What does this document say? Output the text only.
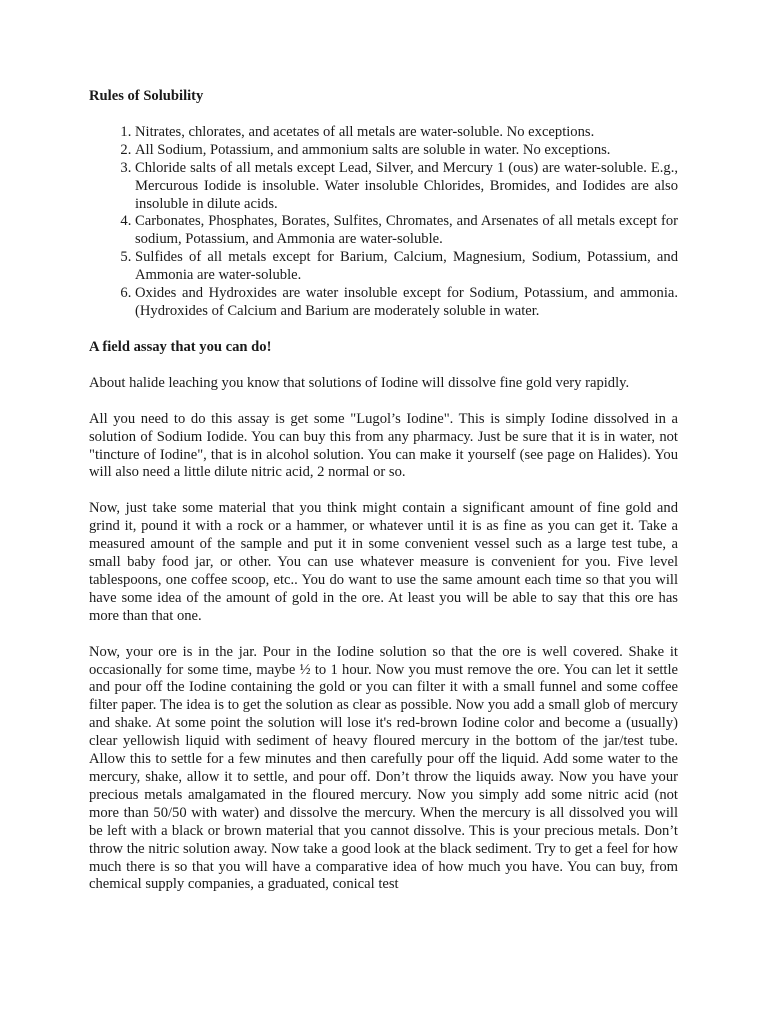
Rules of Solubility
1. Nitrates, chlorates, and acetates of all metals are water-soluble. No exceptions.
2. All Sodium, Potassium, and ammonium salts are soluble in water. No exceptions.
3. Chloride salts of all metals except Lead, Silver, and Mercury 1 (ous) are water-soluble. E.g., Mercurous Iodide is insoluble. Water insoluble Chlorides, Bromides, and Iodides are also insoluble in dilute acids.
4. Carbonates, Phosphates, Borates, Sulfites, Chromates, and Arsenates of all metals except for sodium, Potassium, and Ammonia are water-soluble.
5. Sulfides of all metals except for Barium, Calcium, Magnesium, Sodium, Potassium, and Ammonia are water-soluble.
6. Oxides and Hydroxides are water insoluble except for Sodium, Potassium, and ammonia. (Hydroxides of Calcium and Barium are moderately soluble in water.
A field assay that you can do!

About halide leaching you know that solutions of Iodine will dissolve fine gold very rapidly.

All you need to do this assay is get some "Lugol’s Iodine". This is simply Iodine dissolved in a solution of Sodium Iodide. You can buy this from any pharmacy. Just be sure that it is in water, not "tincture of Iodine", that is in alcohol solution. You can make it yourself (see page on Halides). You will also need a little dilute nitric acid, 2 normal or so.

Now, just take some material that you think might contain a significant amount of fine gold and grind it, pound it with a rock or a hammer, or whatever until it is as fine as you can get it. Take a measured amount of the sample and put it in some convenient vessel such as a large test tube, a small baby food jar, or other. You can use whatever measure is convenient for you. Five level tablespoons, one coffee scoop, etc.. You do want to use the same amount each time so that you will have some idea of the amount of gold in the ore. At least you will be able to say that this ore has more than that one.

Now, your ore is in the jar. Pour in the Iodine solution so that the ore is well covered. Shake it occasionally for some time, maybe ½ to 1 hour. Now you must remove the ore. You can let it settle and pour off the Iodine containing the gold or you can filter it with a small funnel and some coffee filter paper. The idea is to get the solution as clear as possible. Now you add a small glob of mercury and shake. At some point the solution will lose it's red-brown Iodine color and become a (usually) clear yellowish liquid with sediment of heavy floured mercury in the bottom of the jar/test tube. Allow this to settle for a few minutes and then carefully pour off the liquid. Add some water to the mercury, shake, allow it to settle, and pour off. Don’t throw the liquids away. Now you have your precious metals amalgamated in the floured mercury. Now you simply add some nitric acid (not more than 50/50 with water) and dissolve the mercury. When the mercury is all dissolved you will be left with a black or brown material that you cannot dissolve. This is your precious metals. Don’t throw the nitric solution away. Now take a good look at the black sediment. Try to get a feel for how much there is so that you will have a comparative idea of how much you have. You can buy, from chemical supply companies, a graduated, conical test
